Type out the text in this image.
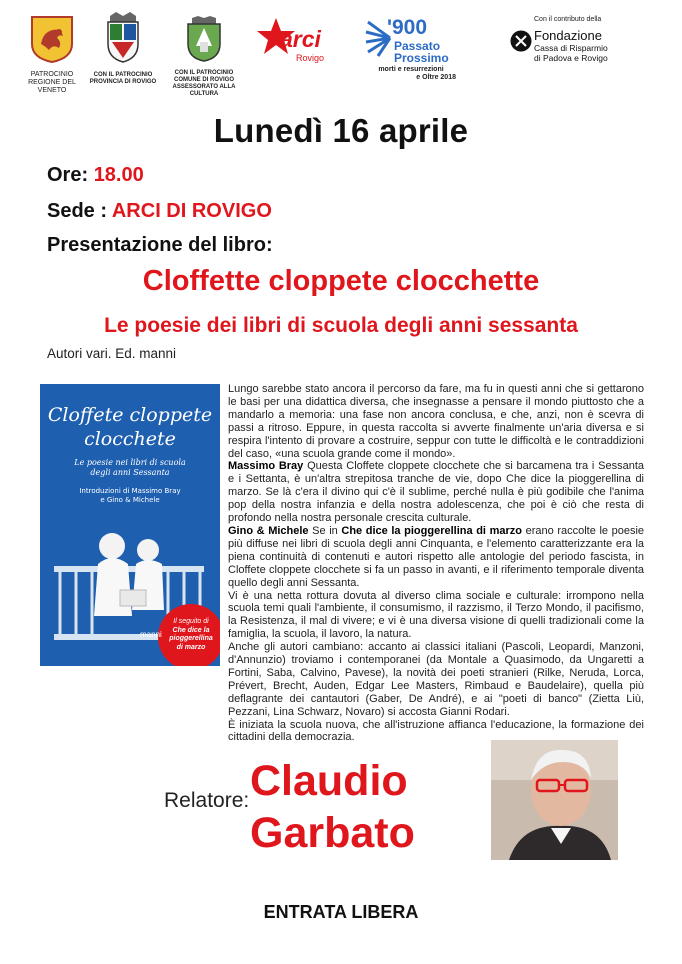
PATROCINIO REGIONE DEL VENETO
CON IL PATROCINIO PROVINCIA DI ROVIGO
CON IL PATROCINIO COMUNE DI ROVIGO ASSESSORATO ALLA CULTURA
arci
Rovigo
'900
Passato
Prossimo
morti e resurrezioni
e Oltre 2018
Con il contributo della
Fondazione
Cassa di Risparmio
di Padova e Rovigo
Lunedì 16 aprile
Ore: 18.00
Sede : ARCI DI ROVIGO
Presentazione del libro:
Cloffette cloppete clocchette
Le poesie dei libri di scuola degli anni sessanta
Autori vari. Ed. manni
Cloffete cloppete
clocchete
Le poesie nei libri di scuola
degli anni Sessanta
Introduzioni di Massimo Bray
e Gino & Michele
Il seguito di
Che dice la
pioggerellina
di marzo
manni

Lungo sarebbe stato ancora il percorso da fare, ma fu in questi anni che si gettarono le basi per una didattica diversa, che insegnasse a pensare il mondo piuttosto che a mandarlo a memoria: una fase non ancora conclusa, e che, anzi, non è scevra di passi a ritroso. Eppure, in questa raccolta si avverte finalmente un'aria diversa e si respira l'intento di provare a costruire, seppur con tutte le difficoltà e le contraddizioni del caso, «una scuola grande come il mondo».

Massimo Bray Questa Cloffete cloppete clocchete che si barcamena tra i Sessanta e i Settanta, è un'altra strepitosa tranche de vie, dopo Che dice la pioggerellina di marzo. Se là c'era il divino qui c'è il sublime, perché nulla è più godibile che l'anima pop della nostra infanzia e della nostra adolescenza, che poi è ciò che resta di profondo nella nostra personale crescita culturale.

Gino & Michele Se in Che dice la pioggerellina di marzo erano raccolte le poesie più diffuse nei libri di scuola degli anni Cinquanta, e l'elemento caratterizzante era la piena continuità di contenuti e autori rispetto alle antologie del periodo fascista, in Cloffete cloppete clocchete si fa un passo in avanti, e il riferimento temporale diventa quello degli anni Sessanta.

Vi è una netta rottura dovuta al diverso clima sociale e culturale: irrompono nella scuola temi quali l'ambiente, il consumismo, il razzismo, il Terzo Mondo, il pacifismo, la Resistenza, il mal di vivere; e vi è una diversa visione di quelli tradizionali come la famiglia, la scuola, il lavoro, la natura.

Anche gli autori cambiano: accanto ai classici italiani (Pascoli, Leopardi, Manzoni, d'Annunzio) troviamo i contemporanei (da Montale a Quasimodo, da Ungaretti a Fortini, Saba, Calvino, Pavese), la novità dei poeti stranieri (Rilke, Neruda, Lorca, Prévert, Brecht, Auden, Edgar Lee Masters, Rimbaud e Baudelaire), quella più deflagrante dei cantautori (Gaber, De André), e ai "poeti di banco" (Zietta Liù, Pezzani, Lina Schwarz, Novaro) si accosta Gianni Rodari.

È iniziata la scuola nuova, che all'istruzione affianca l'educazione, la formazione dei cittadini della democrazia.

Relatore: Claudio
Garbato
ENTRATA LIBERA
